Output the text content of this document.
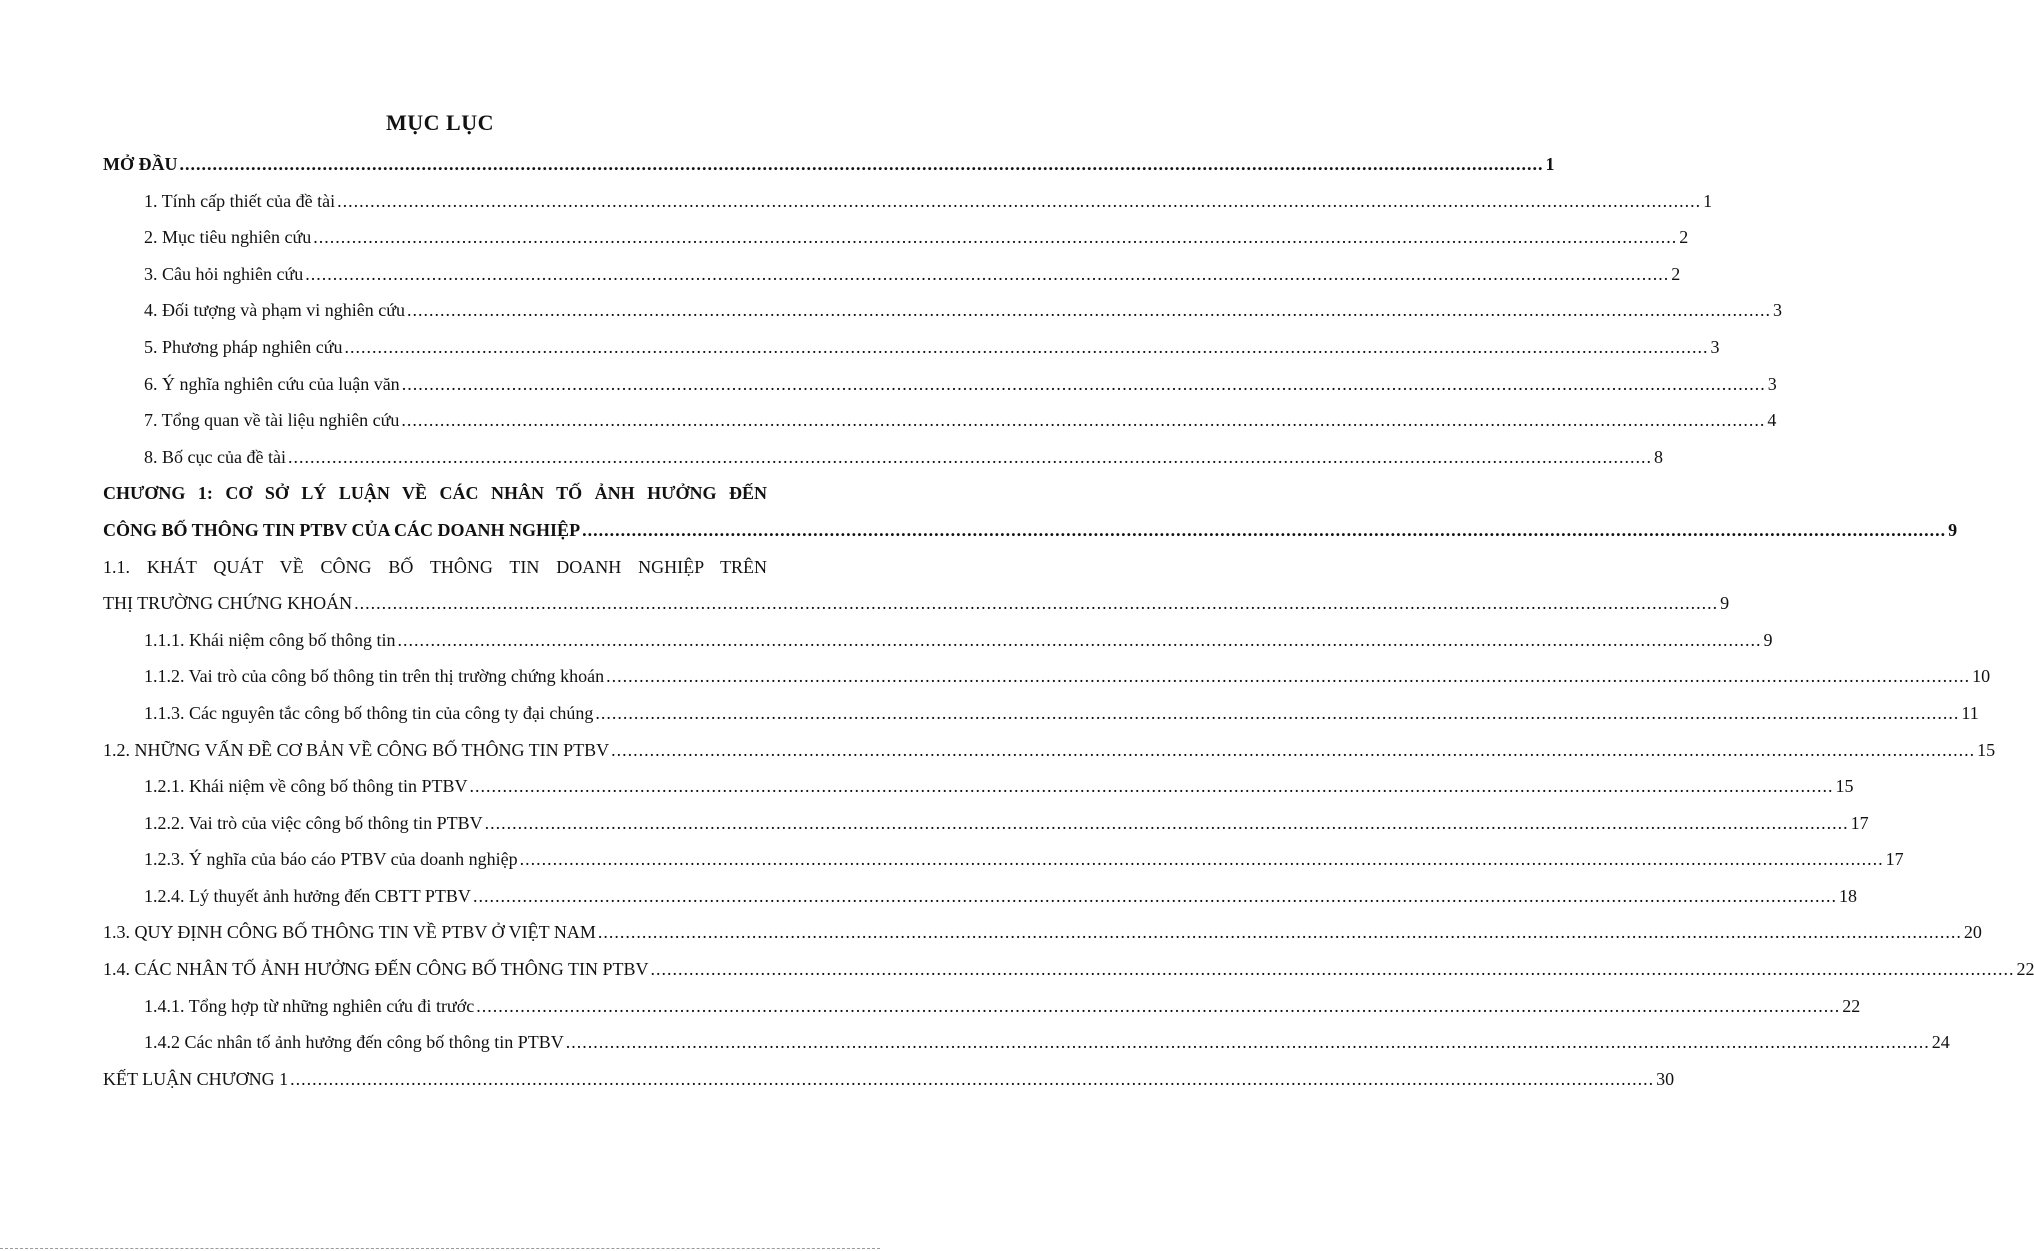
MỤC LỤC
MỞ ĐẦU .....	1
1. Tính cấp thiết của đề tài .....	1
2. Mục tiêu nghiên cứu .....	2
3. Câu hỏi nghiên cứu .....	2
4. Đối tượng và phạm vi nghiên cứu .....	3
5. Phương pháp nghiên cứu .....	3
6. Ý nghĩa nghiên cứu của luận văn .....	3
7. Tổng quan về tài liệu nghiên cứu .....	4
8. Bố cục của đề tài .....	8
CHƯƠNG 1: CƠ SỞ LÝ LUẬN VỀ CÁC NHÂN TỐ ẢNH HƯỞNG ĐẾN
CÔNG BỐ THÔNG TIN PTBV CỦA CÁC DOANH NGHIỆP .....	9
1.1. KHÁT QUÁT VỀ CÔNG BỐ THÔNG TIN DOANH NGHIỆP TRÊN
THỊ TRƯỜNG CHỨNG KHOÁN .....	9
1.1.1. Khái niệm công bố thông tin .....	9
1.1.2. Vai trò của công bố thông tin trên thị trường chứng khoán .....	10
1.1.3. Các nguyên tắc công bố thông tin của công ty đại chúng .....	11
1.2. NHỮNG VẤN ĐỀ CƠ BẢN VỀ CÔNG BỐ THÔNG TIN PTBV .....	15
1.2.1. Khái niệm về công bố thông tin PTBV .....	15
1.2.2. Vai trò của việc công bố thông tin PTBV .....	17
1.2.3. Ý nghĩa của báo cáo PTBV của doanh nghiệp .....	17
1.2.4. Lý thuyết ảnh hưởng đến CBTT PTBV .....	18
1.3. QUY ĐỊNH CÔNG BỐ THÔNG TIN VỀ PTBV Ở VIỆT NAM .....	20
1.4. CÁC NHÂN TỐ ẢNH HƯỞNG ĐẾN CÔNG BỐ THÔNG TIN PTBV .....	22
1.4.1. Tổng hợp từ những nghiên cứu đi trước .....	22
1.4.2 Các nhân tố ảnh hưởng đến công bố thông tin PTBV .....	24
KẾT LUẬN CHƯƠNG 1 .....	30
